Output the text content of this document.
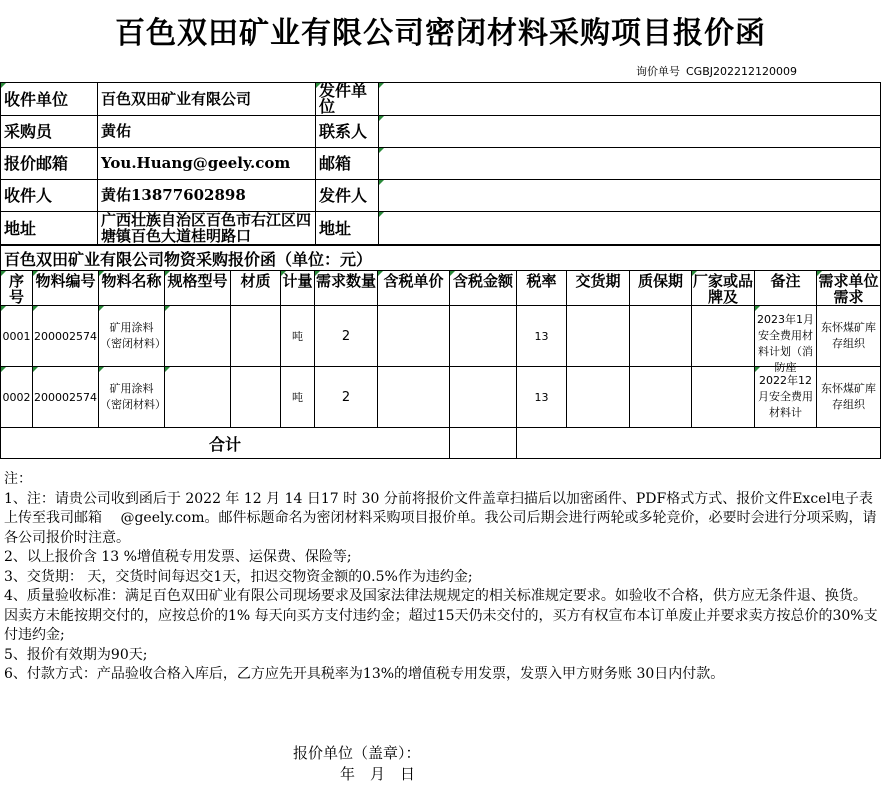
百色双田矿业有限公司密闭材料采购项目报价函
询价单号 CGBJ202212120009
收件单位	百色双田矿业有限公司	发件单位	

采购员	黄佑	联系人	
报价邮箱	You.Huang@geely.com	邮箱	
收件人	黄佑13877602898	发件人	
地址	广西壮族自治区百色市右江区四塘镇百色大道桂明路口	地址	
百色双田矿业有限公司物资采购报价函（单位：元）														

序号	物料编号	物料名称	规格型号	材质	计量	需求数量	含税单价	含税金额	税率	交货期	质保期	厂家或品牌及	备注	需求单位需求

0001	200002574	矿用涂料（密闭材料）			吨	2			13				2023年1月安全费用材料计划（消防座	东怀煤矿库存组织

0002	200002574	矿用涂料（密闭材料）			吨	2			13				2022年12月安全费用材料计	东怀煤矿库存组织

合计														

注：

1、注：请贵公司收到函后于 2022 年 12 月 14 日17 时 30 分前将报价文件盖章扫描后以加密函件、PDF格式方式、报价文件Excel电子表上传至我司邮箱　 @geely.com。邮件标题命名为密闭材料采购项目报价单。我公司后期会进行两轮或多轮竞价，必要时会进行分项采购，请各公司报价时注意。

2、以上报价含 13 %增值税专用发票、运保费、保险等;

3、交货期： 天，交货时间每迟交1天，扣迟交物资金额的0.5%作为违约金;

4、质量验收标准：满足百色双田矿业有限公司现场要求及国家法律法规规定的相关标准规定要求。如验收不合格，供方应无条件退、换货。因卖方未能按期交付的，应按总价的1% 每天向买方支付违约金；超过15天仍未交付的，买方有权宣布本订单废止并要求卖方按总价的30%支付违约金;

5、报价有效期为90天;

6、付款方式：产品验收合格入库后，乙方应先开具税率为13%的增值税专用发票，发票入甲方财务账 30日内付款。

报价单位（盖章）：
年　月　日
